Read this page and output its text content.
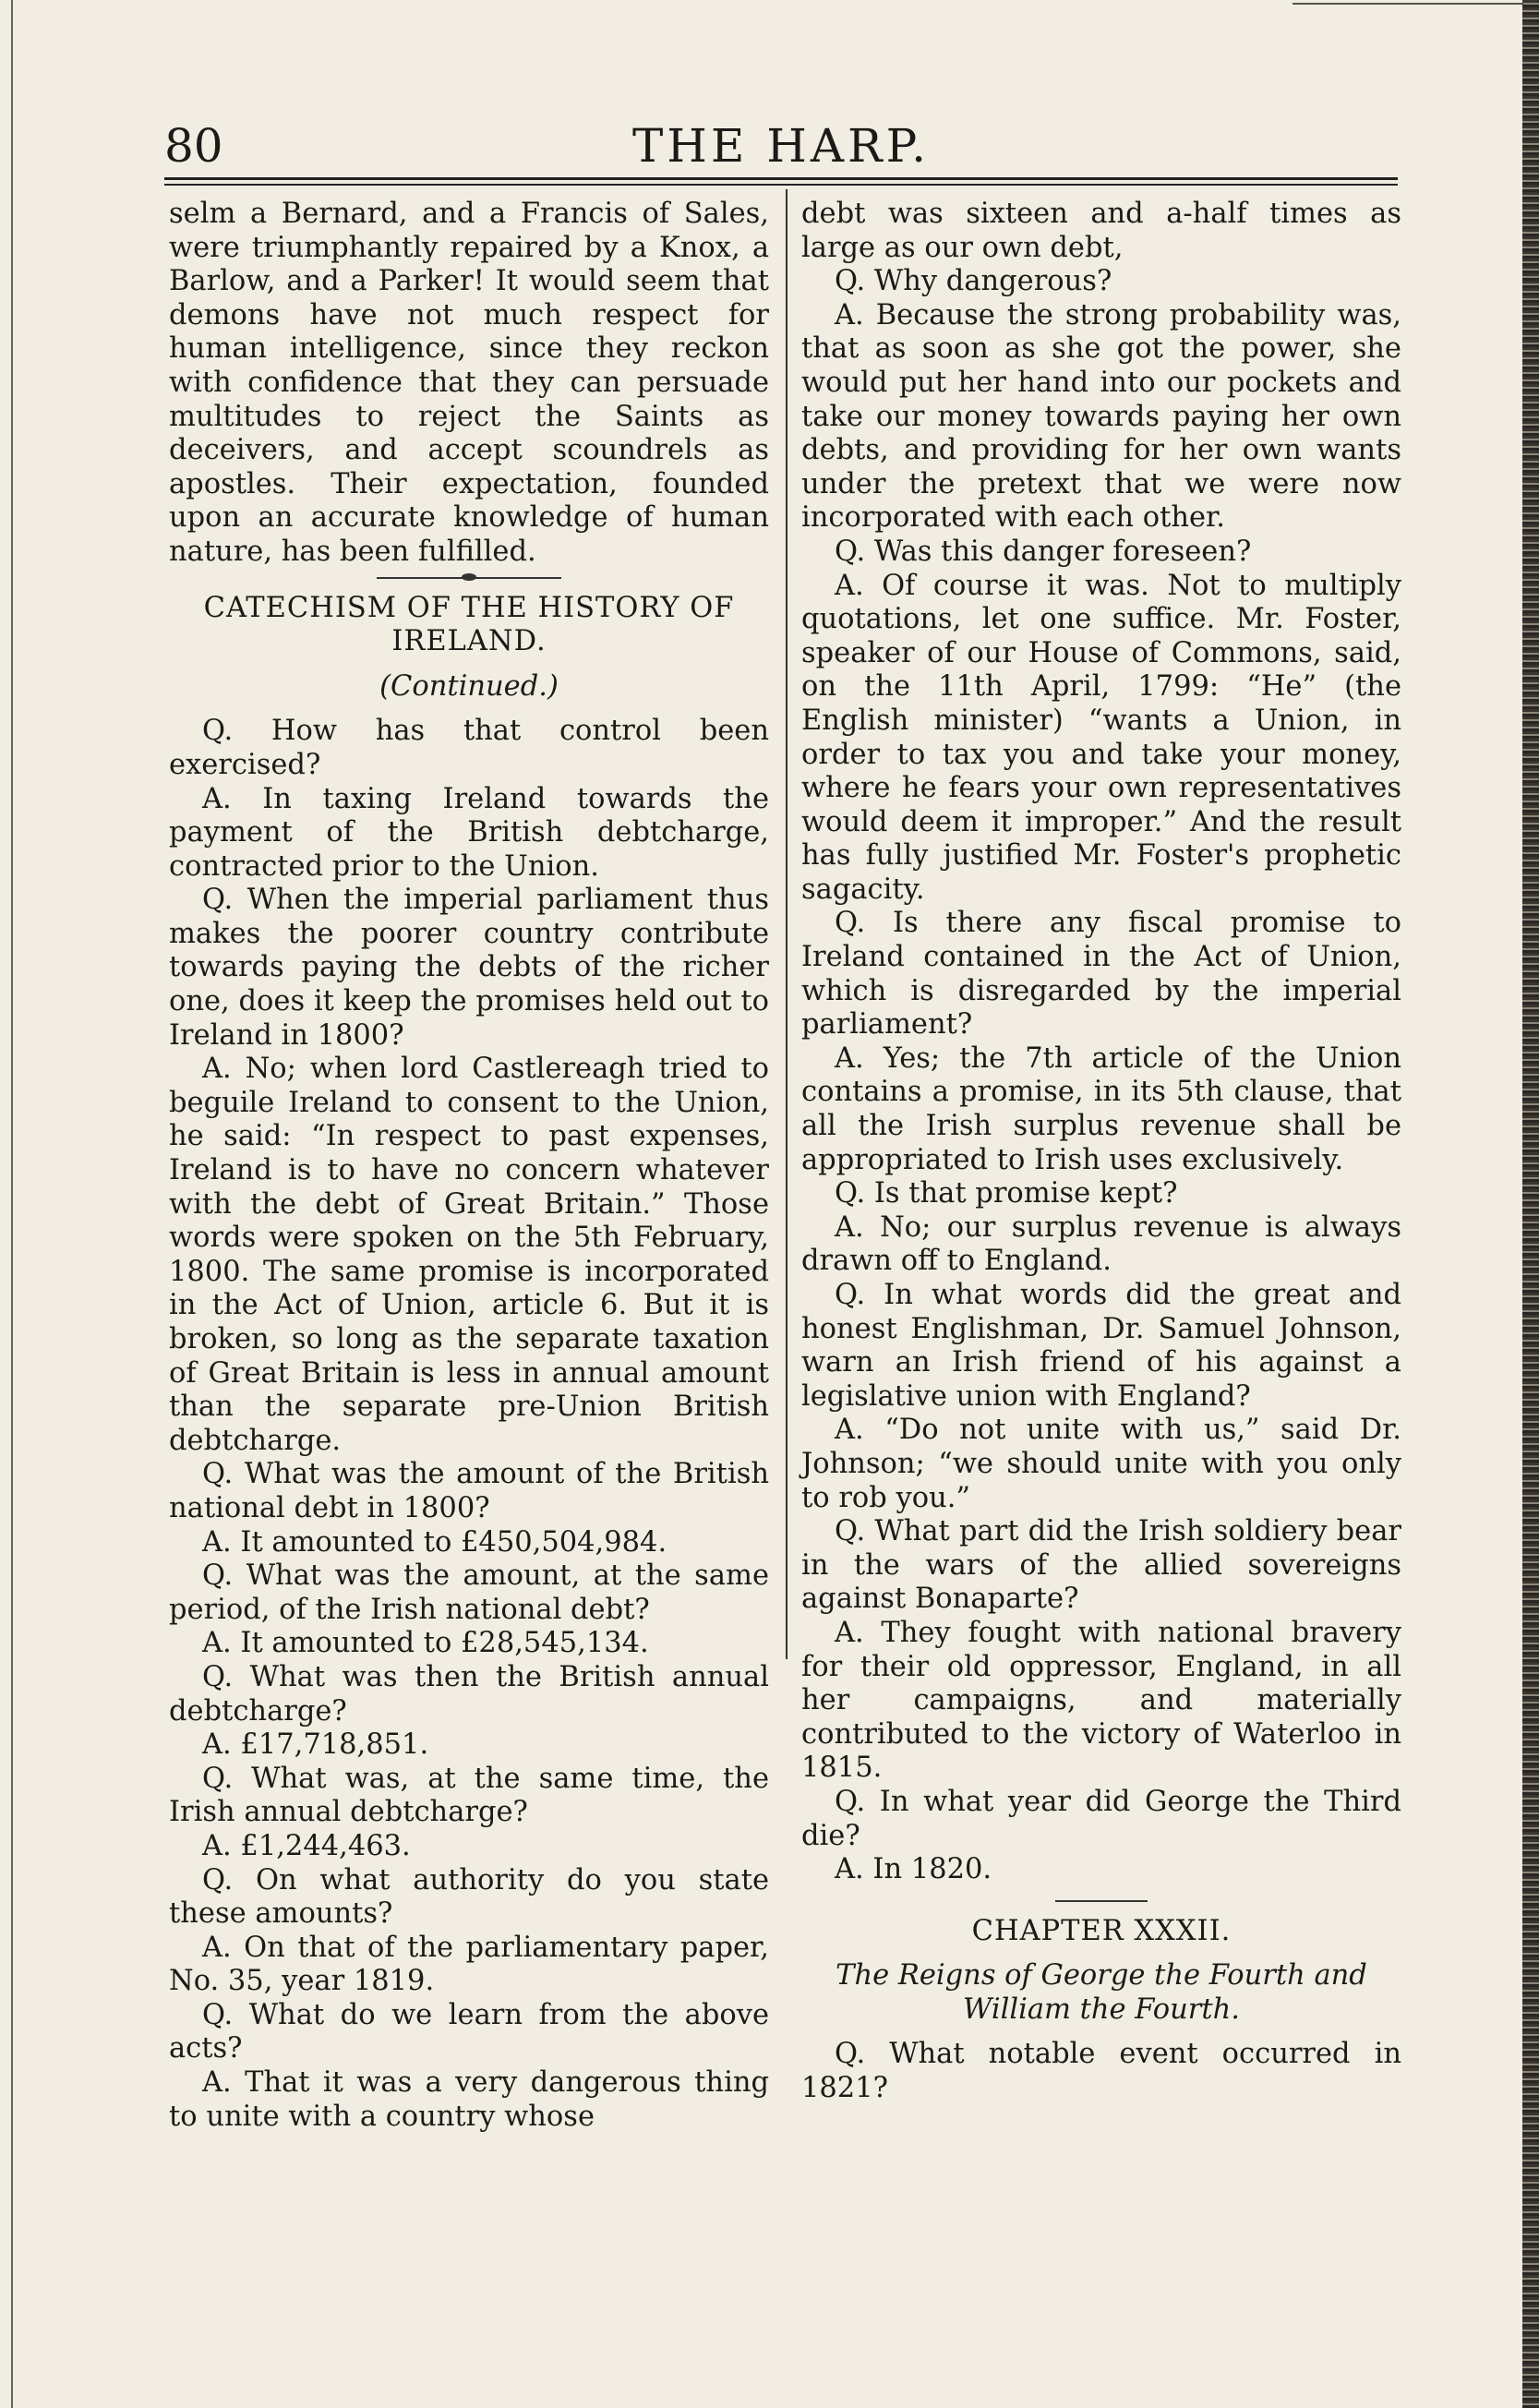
80	THE HARP.

selm a Bernard, and a Francis of Sales, were triumphantly repaired by a Knox, a Barlow, and a Parker! It would seem that demons have not much respect for human intelligence, since they reckon with confidence that they can persuade multitudes to reject the Saints as deceivers, and accept scoundrels as apostles. Their expectation, founded upon an accurate knowledge of human nature, has been fulfilled.

CATECHISM OF THE HISTORY OF

IRELAND.

(Continued.)

Q. How has that control been exercised?

A. In taxing Ireland towards the payment of the British debtcharge, contracted prior to the Union.

Q. When the imperial parliament thus makes the poorer country contribute towards paying the debts of the richer one, does it keep the promises held out to Ireland in 1800?

A. No; when lord Castlereagh tried to beguile Ireland to consent to the Union, he said: “In respect to past expenses, Ireland is to have no concern whatever with the debt of Great Britain.” Those words were spoken on the 5th February, 1800. The same promise is incorporated in the Act of Union, article 6. But it is broken, so long as the separate taxation of Great Britain is less in annual amount than the separate pre-Union British debtcharge.

Q. What was the amount of the British national debt in 1800?

A. It amounted to £450,504,984.

Q. What was the amount, at the same period, of the Irish national debt?

A. It amounted to £28,545,134.

Q. What was then the British annual debtcharge?

A. £17,718,851.

Q. What was, at the same time, the Irish annual debtcharge?

A. £1,244,463.

Q. On what authority do you state these amounts?

A. On that of the parliamentary paper, No. 35, year 1819.

Q. What do we learn from the above acts?

A. That it was a very dangerous thing to unite with a country whose

debt was sixteen and a-half times as large as our own debt,

Q. Why dangerous?

A. Because the strong probability was, that as soon as she got the power, she would put her hand into our pockets and take our money towards paying her own debts, and providing for her own wants under the pretext that we were now incorporated with each other.

Q. Was this danger foreseen?

A. Of course it was. Not to multiply quotations, let one suffice. Mr. Foster, speaker of our House of Commons, said, on the 11th April, 1799: “He” (the English minister) “wants a Union, in order to tax you and take your money, where he fears your own representatives would deem it improper.” And the result has fully justified Mr. Foster's prophetic sagacity.

Q. Is there any fiscal promise to Ireland contained in the Act of Union, which is disregarded by the imperial parliament?

A. Yes; the 7th article of the Union contains a promise, in its 5th clause, that all the Irish surplus revenue shall be appropriated to Irish uses exclusively.

Q. Is that promise kept?

A. No; our surplus revenue is always drawn off to England.

Q. In what words did the great and honest Englishman, Dr. Samuel Johnson, warn an Irish friend of his against a legislative union with England?

A. “Do not unite with us,” said Dr. Johnson; “we should unite with you only to rob you.”

Q. What part did the Irish soldiery bear in the wars of the allied sovereigns against Bonaparte?

A. They fought with national bravery for their old oppressor, England, in all her campaigns, and materially contributed to the victory of Waterloo in 1815.

Q. In what year did George the Third die?

A. In 1820.

CHAPTER XXXII.

The Reigns of George the Fourth and William the Fourth.

Q. What notable event occurred in 1821?
